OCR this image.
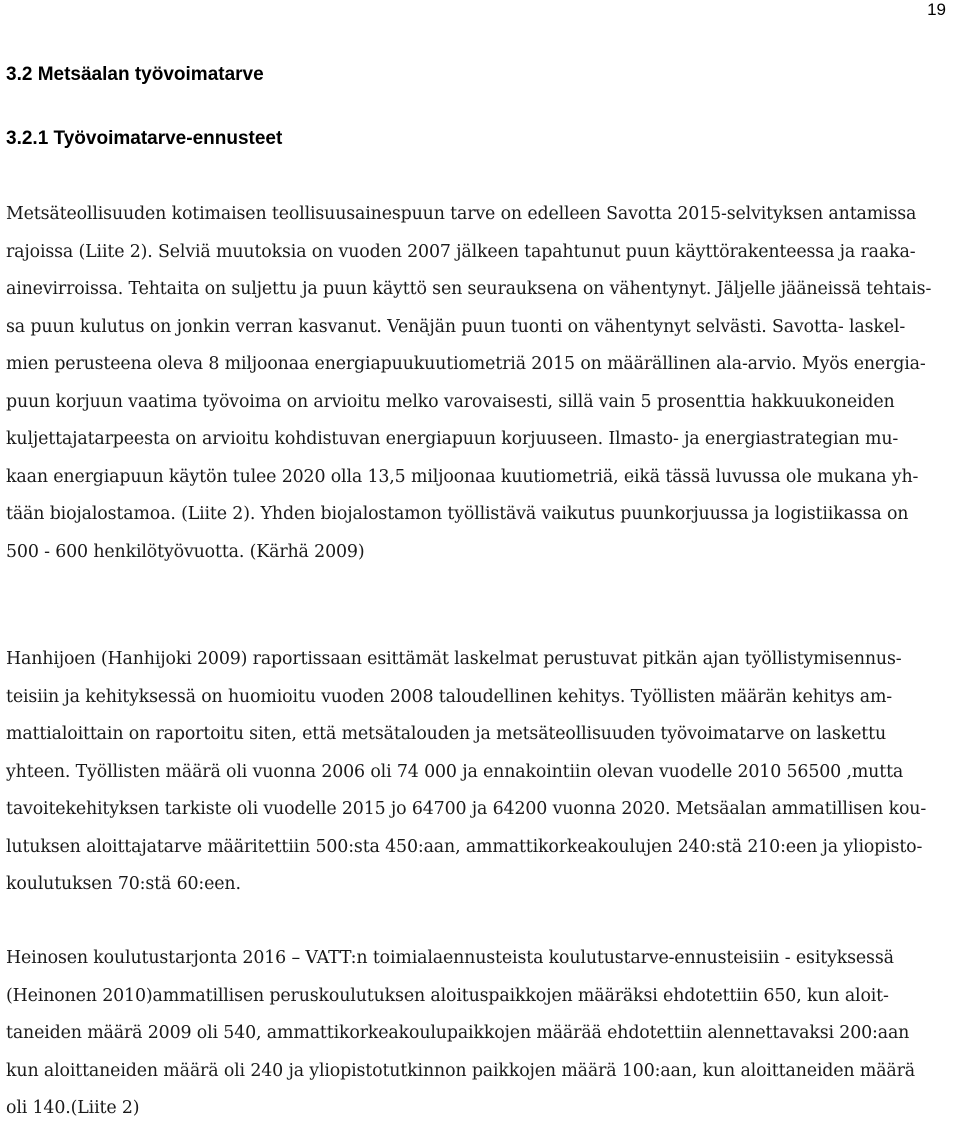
19
3.2 Metsäalan työvoimatarve
3.2.1 Työvoimatarve-ennusteet
Metsäteollisuuden kotimaisen teollisuusainespuun tarve on edelleen Savotta 2015-selvityksen antamissa
rajoissa (Liite 2). Selviä muutoksia on vuoden 2007 jälkeen tapahtunut puun käyttörakenteessa ja raaka-
ainevirroissa. Tehtaita on suljettu ja puun käyttö sen seurauksena on vähentynyt. Jäljelle jääneissä tehtais-
sa puun kulutus on jonkin verran kasvanut. Venäjän puun tuonti on vähentynyt selvästi. Savotta- laskel-
mien perusteena oleva 8 miljoonaa energiapuukuutiometriä 2015 on määrällinen ala-arvio. Myös energia-
puun korjuun vaatima työvoima on arvioitu melko varovaisesti, sillä vain 5 prosenttia hakkuukoneiden
kuljettajatarpeesta on arvioitu kohdistuvan energiapuun korjuuseen. Ilmasto- ja energiastrategian mu-
kaan energiapuun käytön tulee 2020 olla 13,5 miljoonaa kuutiometriä, eikä tässä luvussa ole mukana yh-
tään biojalostamoa. (Liite 2). Yhden biojalostamon työllistävä vaikutus puunkorjuussa ja logistiikassa on
500 - 600 henkilötyövuotta. (Kärhä 2009)
Hanhijoen (Hanhijoki 2009) raportissaan esittämät laskelmat perustuvat pitkän ajan työllistymisennus-
teisiin ja kehityksessä on huomioitu vuoden 2008 taloudellinen kehitys. Työllisten määrän kehitys am-
mattialoittain on raportoitu siten, että metsätalouden ja metsäteollisuuden työvoimatarve on laskettu
yhteen. Työllisten määrä oli vuonna 2006 oli 74 000 ja ennakointiin olevan vuodelle 2010 56500 ,mutta
tavoitekehityksen tarkiste oli vuodelle 2015 jo 64700 ja 64200 vuonna 2020. Metsäalan ammatillisen kou-
lutuksen aloittajatarve määritettiin 500:sta 450:aan, ammattikorkeakoulujen 240:stä 210:een ja yliopisto-
koulutuksen 70:stä 60:een.
Heinosen koulutustarjonta 2016 – VATT:n toimialaennusteista koulutustarve-ennusteisiin - esityksessä
(Heinonen 2010)ammatillisen peruskoulutuksen aloituspaikkojen määräksi ehdotettiin 650, kun aloit-
taneiden määrä 2009 oli 540, ammattikorkeakoulupaikkojen määrää ehdotettiin alennettavaksi 200:aan
kun aloittaneiden määrä oli 240 ja yliopistotutkinnon paikkojen määrä 100:aan, kun aloittaneiden määrä
oli 140.(Liite 2)
